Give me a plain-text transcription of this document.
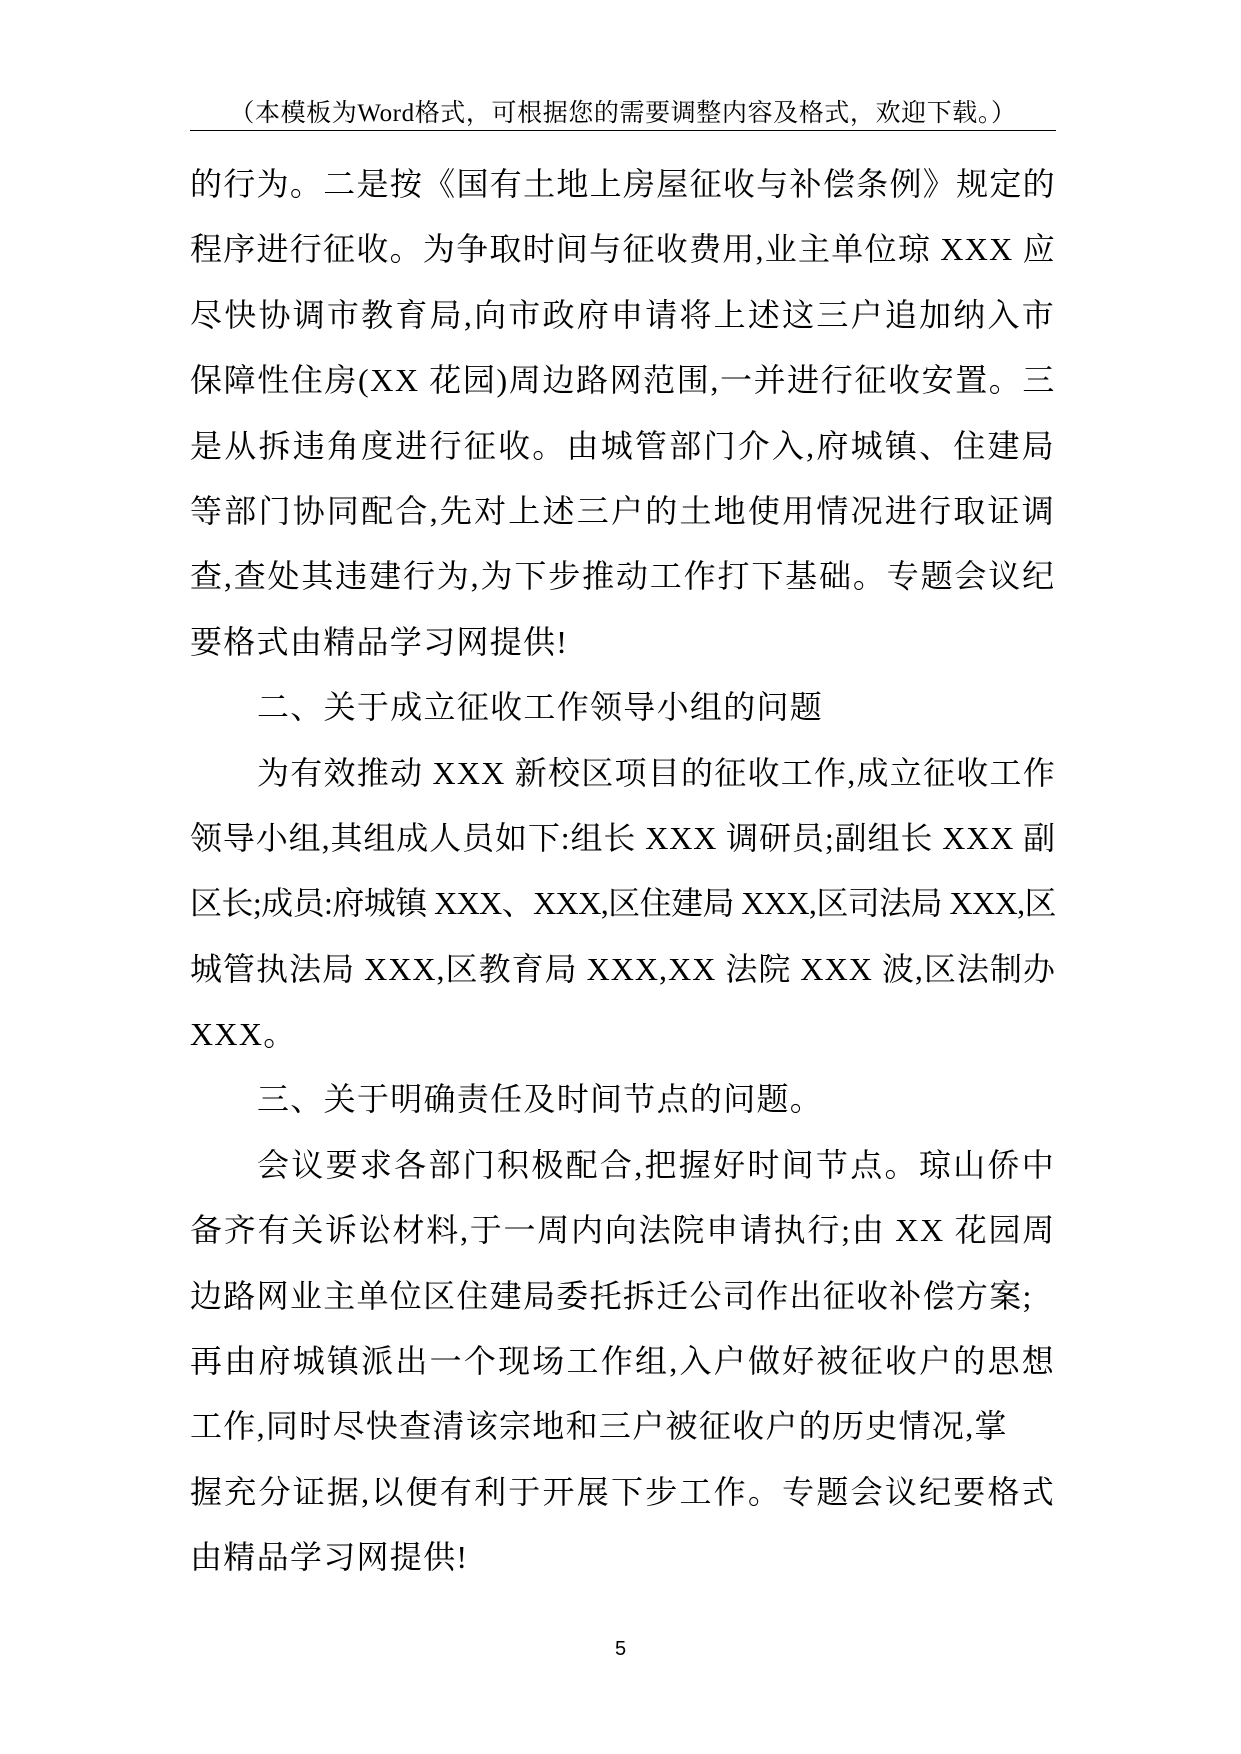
（本模板为Word格式，可根据您的需要调整内容及格式，欢迎下载。）
的行为。二是按《国有土地上房屋征收与补偿条例》规定的
程序进行征收。为争取时间与征收费用,业主单位琼 XXX 应
尽快协调市教育局,向市政府申请将上述这三户追加纳入市
保障性住房(XX 花园)周边路网范围,一并进行征收安置。三
是从拆违角度进行征收。由城管部门介入,府城镇、住建局
等部门协同配合,先对上述三户的土地使用情况进行取证调
查,查处其违建行为,为下步推动工作打下基础。专题会议纪
要格式由精品学习网提供!
二、关于成立征收工作领导小组的问题
为有效推动 XXX 新校区项目的征收工作,成立征收工作
领导小组,其组成人员如下:组长 XXX 调研员;副组长 XXX 副
区长;成员:府城镇 XXX、XXX,区住建局 XXX,区司法局 XXX,区
城管执法局 XXX,区教育局 XXX,XX 法院 XXX 波,区法制办
XXX。
三、关于明确责任及时间节点的问题。
会议要求各部门积极配合,把握好时间节点。琼山侨中
备齐有关诉讼材料,于一周内向法院申请执行;由 XX 花园周
边路网业主单位区住建局委托拆迁公司作出征收补偿方案;
再由府城镇派出一个现场工作组,入户做好被征收户的思想
工作,同时尽快查清该宗地和三户被征收户的历史情况,掌
握充分证据,以便有利于开展下步工作。专题会议纪要格式
由精品学习网提供!
5
